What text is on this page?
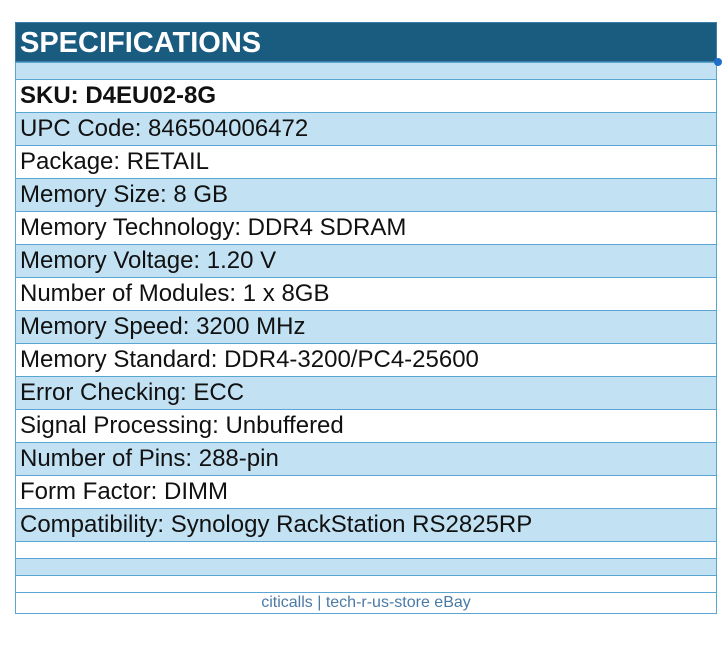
SPECIFICATIONS

SKU: D4EU02-8G
UPC Code: 846504006472
Package: RETAIL
Memory Size: 8 GB
Memory Technology: DDR4 SDRAM
Memory Voltage: 1.20 V
Number of Modules: 1 x 8GB
Memory Speed: 3200 MHz
Memory Standard: DDR4-3200/PC4-25600
Error Checking: ECC
Signal Processing: Unbuffered
Number of Pins: 288-pin
Form Factor: DIMM
Compatibility: Synology RackStation RS2825RP

citicalls | tech-r-us-store eBay
